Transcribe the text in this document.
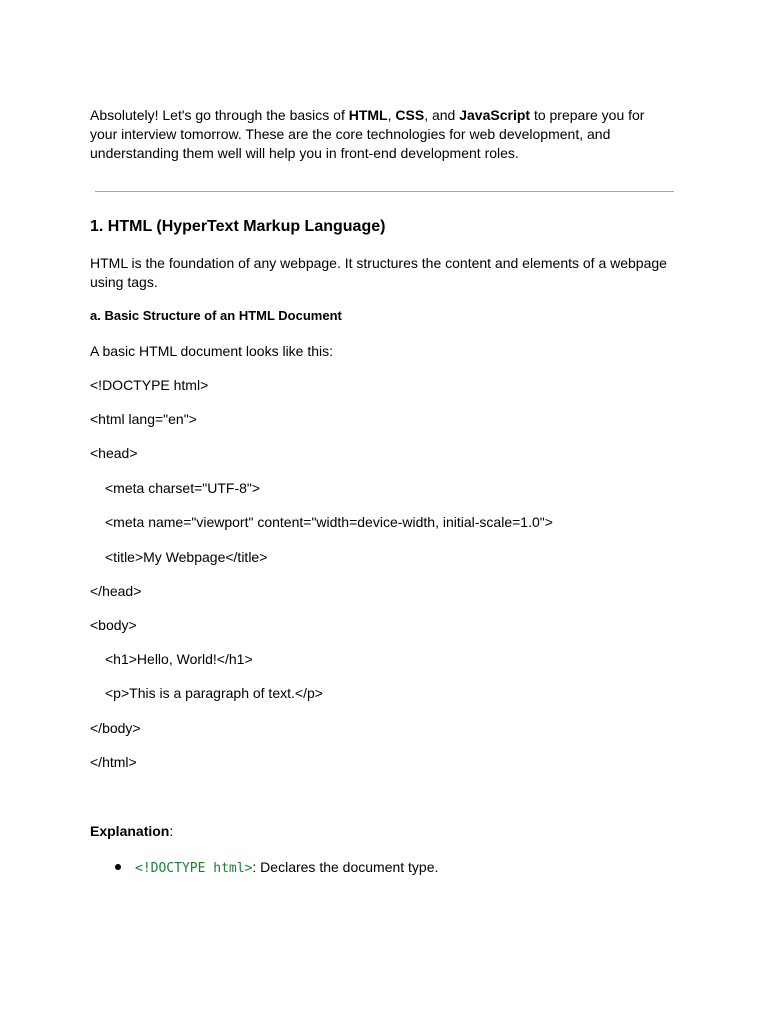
Absolutely! Let's go through the basics of HTML, CSS, and JavaScript to prepare you for your interview tomorrow. These are the core technologies for web development, and understanding them well will help you in front-end development roles.

1. HTML (HyperText Markup Language)

HTML is the foundation of any webpage. It structures the content and elements of a webpage using tags.

a. Basic Structure of an HTML Document

A basic HTML document looks like this:

<!DOCTYPE html>

<html lang="en">

<head>

<meta charset="UTF-8">

<meta name="viewport" content="width=device-width, initial-scale=1.0">

<title>My Webpage</title>

</head>

<body>

<h1>Hello, World!</h1>

<p>This is a paragraph of text.</p>

</body>

</html>

Explanation:

<!DOCTYPE html>: Declares the document type.
